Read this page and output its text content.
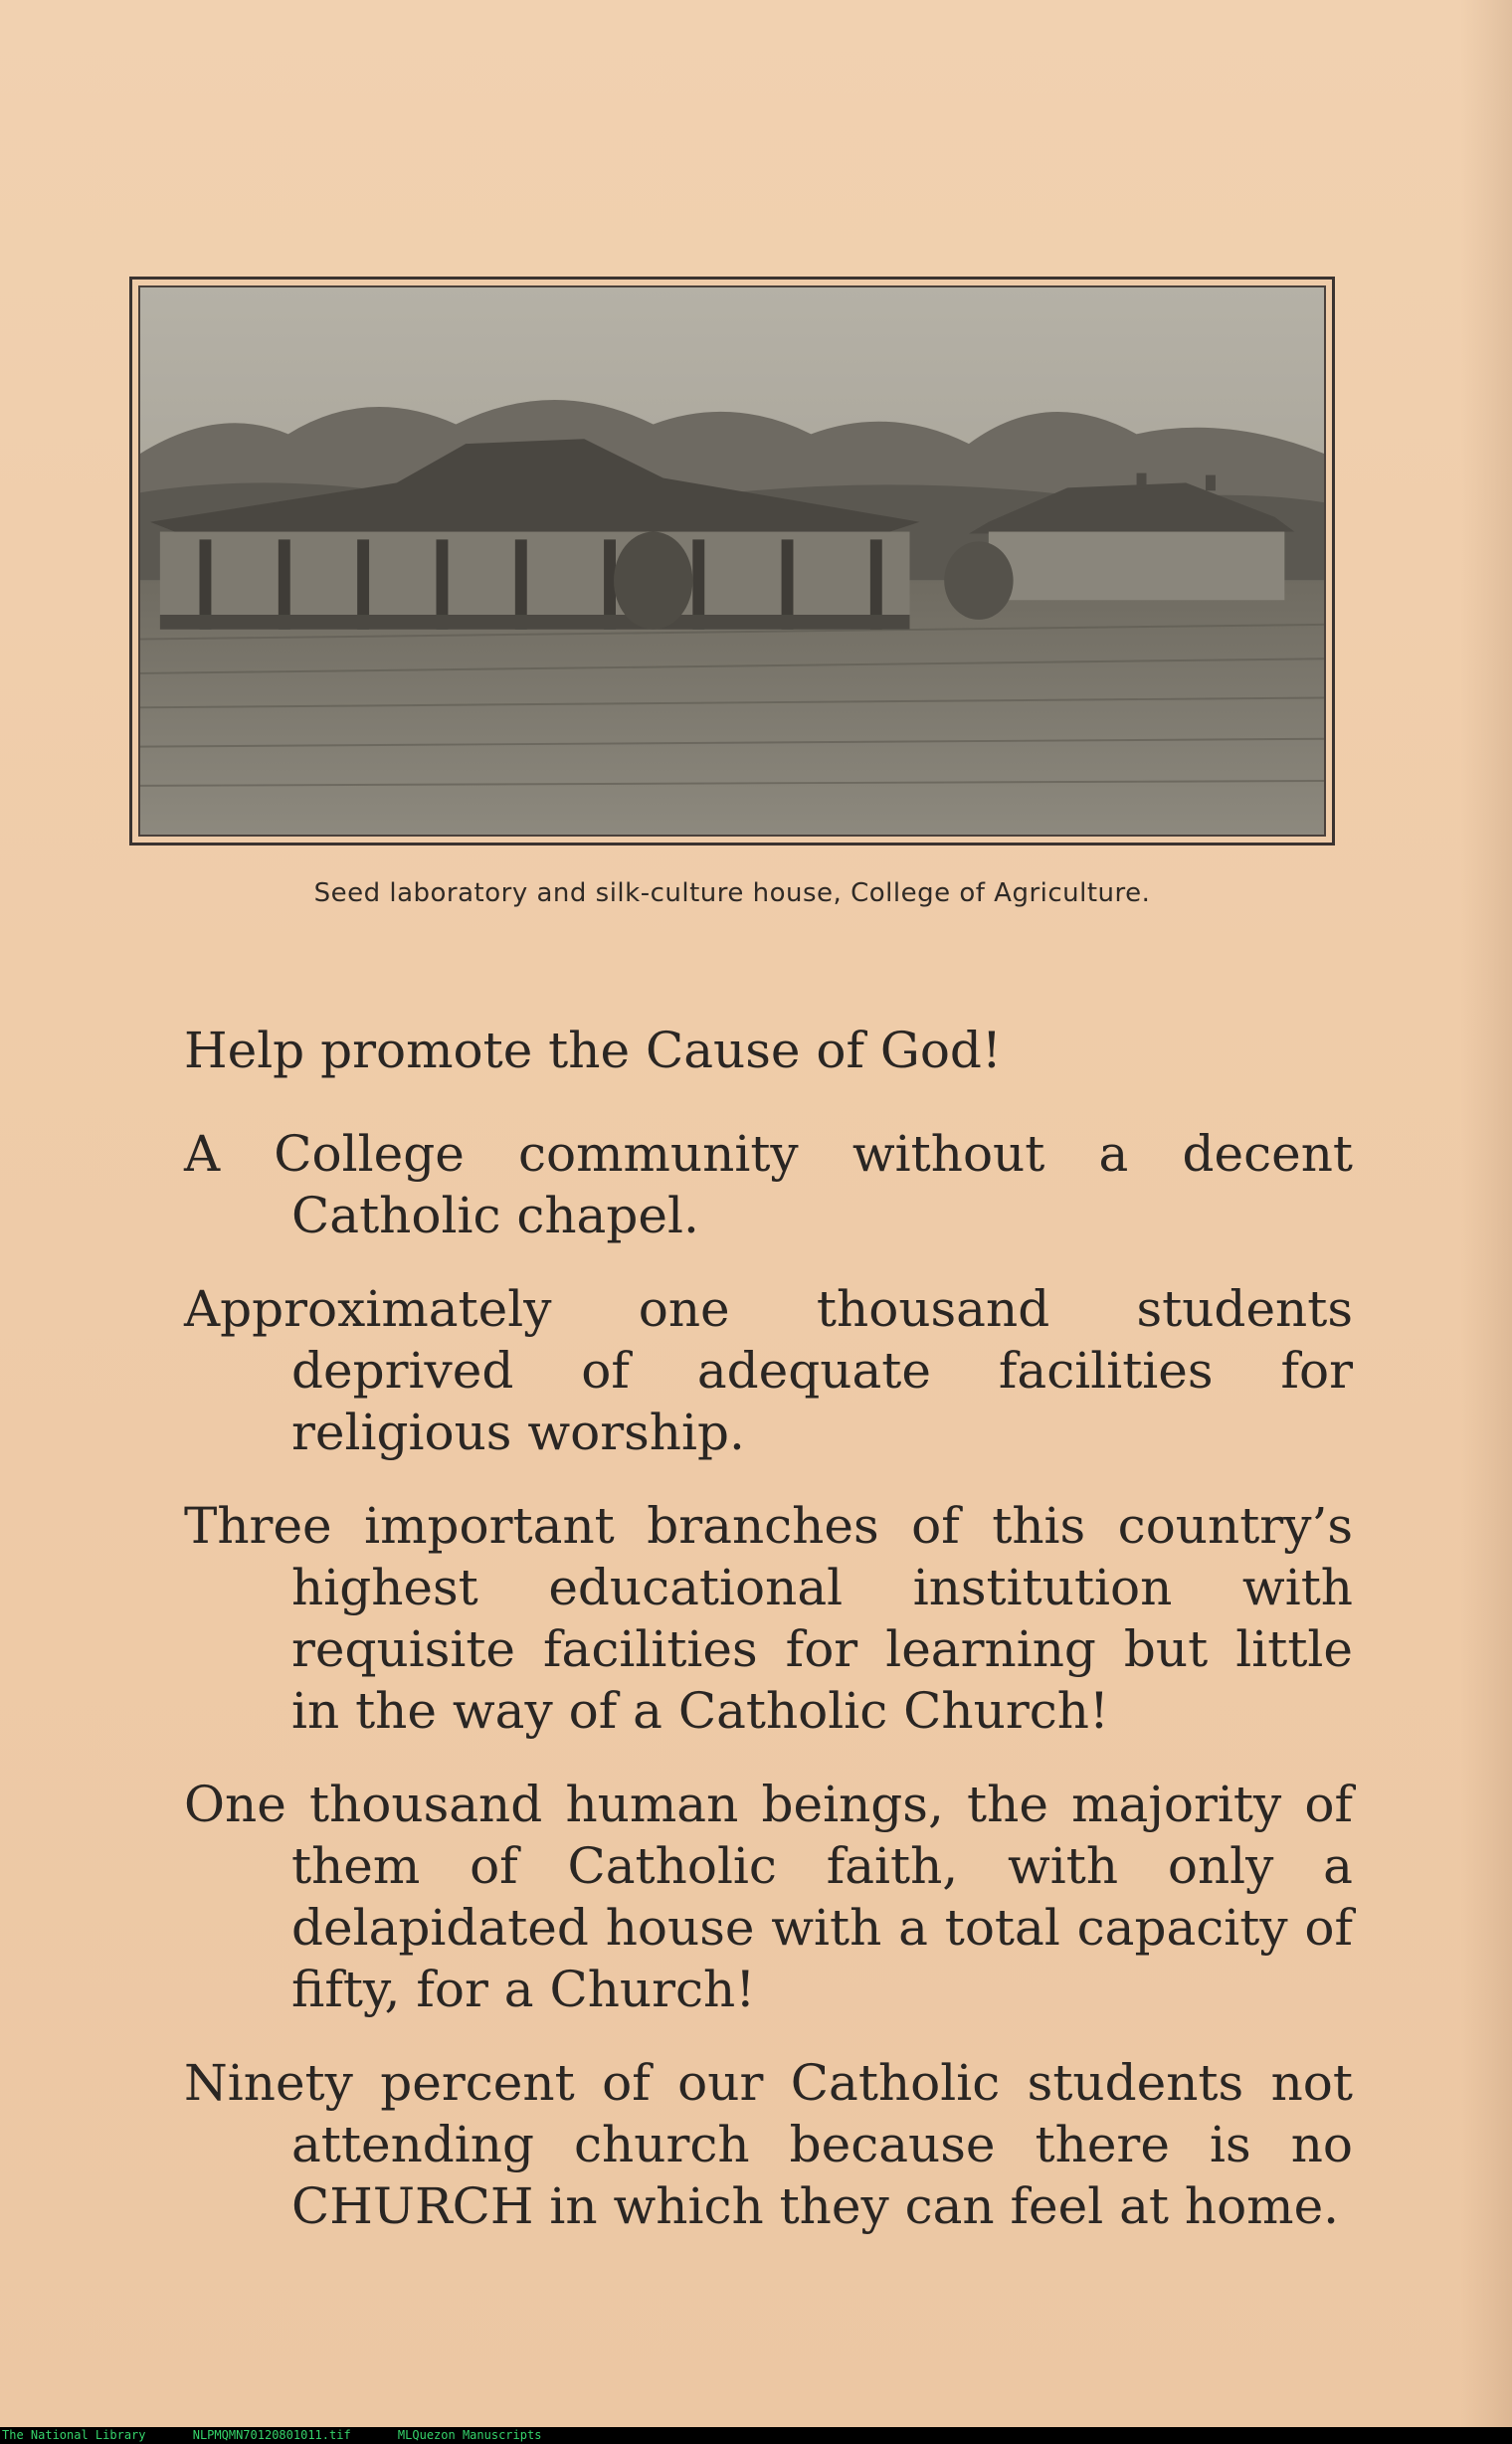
Seed laboratory and silk-culture house, College of Agriculture.

Help promote the Cause of God!

A College community without a decent Catholic chapel.

Approximately one thousand students deprived of adequate facilities for religious worship.

Three important branches of this country’s highest educational institution with requisite facilities for learning but little in the way of a Catholic Church!

One thousand human beings, the majority of them of Catholic faith, with only a delapidated house with a total capacity of fifty, for a Church!

Ninety percent of our Catholic students not attending church because there is no CHURCH in which they can feel at home.

The National Library	NLPMQMN70120801011.tif	MLQuezon Manuscripts
